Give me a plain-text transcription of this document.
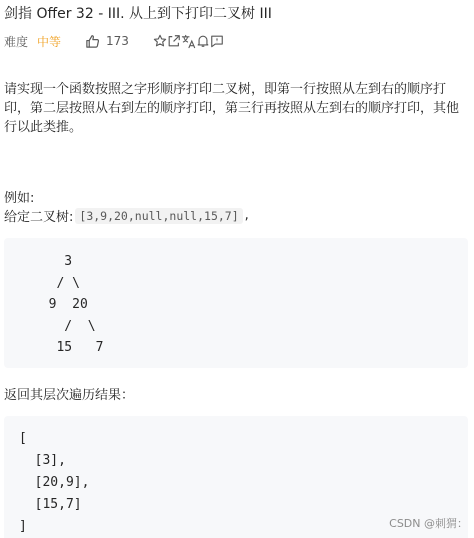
剑指 Offer 32 - III. 从上到下打印二叉树 III
难度 中等	173
请实现一个函数按照之字形顺序打印二叉树，即第一行按照从左到右的顺序打印，第二层按照从右到左的顺序打印，第三行再按照从左到右的顺序打印，其他行以此类推。
例如:
给定二叉树: [3,9,20,null,null,15,7] ,
3
/ \
9  20
/  \
15   7
返回其层次遍历结果：
[
[3],
[20,9],
[15,7]
]	CSDN @刺猬：
